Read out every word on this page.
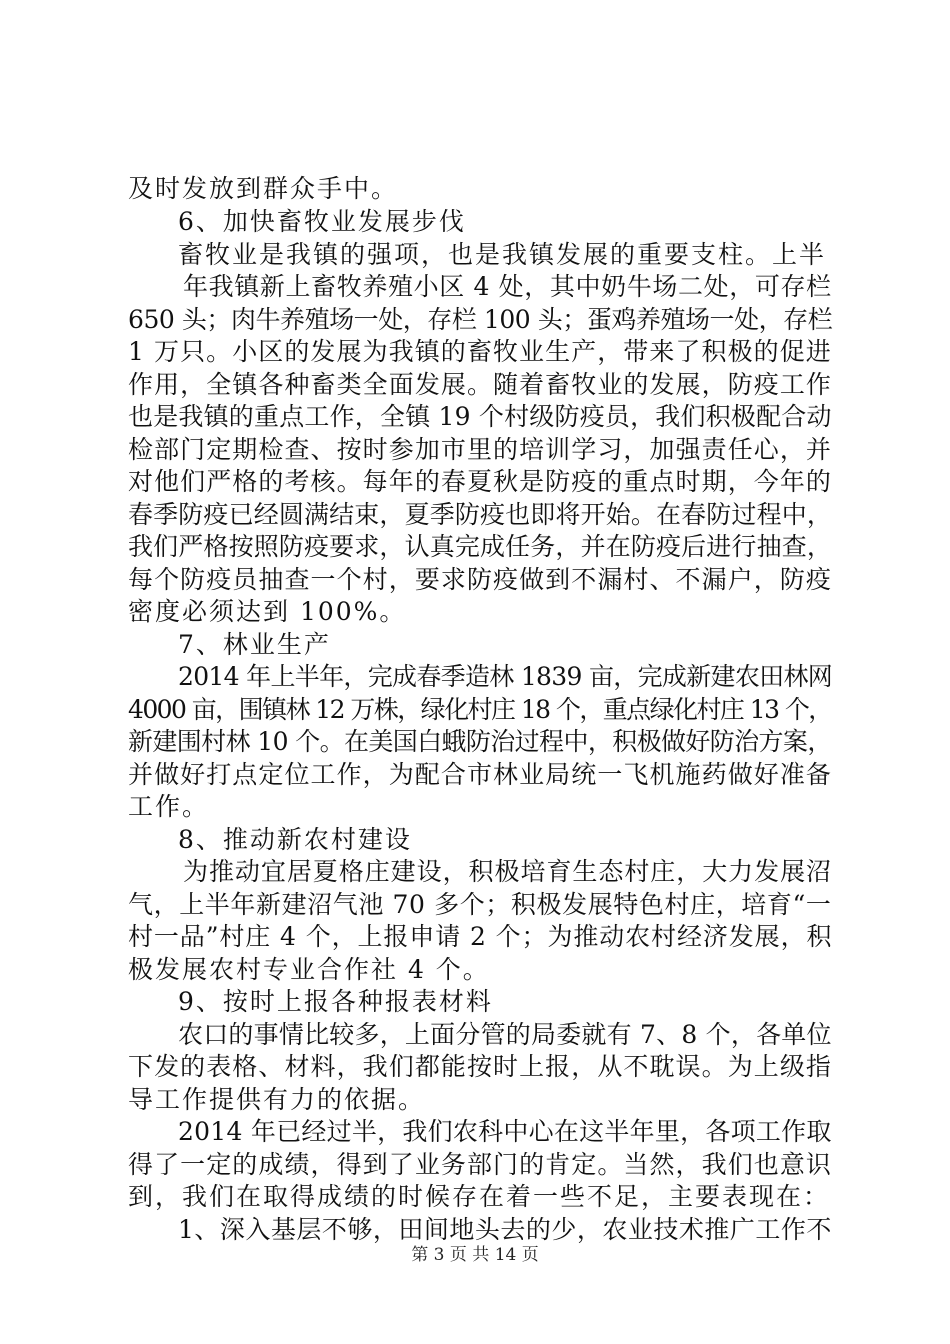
及时发放到群众手中。
6、加快畜牧业发展步伐
畜牧业是我镇的强项，也是我镇发展的重要支柱。上半
年我镇新上畜牧养殖小区 4 处，其中奶牛场二处，可存栏
650 头；肉牛养殖场一处，存栏 100 头；蛋鸡养殖场一处，存栏
1 万只。小区的发展为我镇的畜牧业生产，带来了积极的促进
作用，全镇各种畜类全面发展。随着畜牧业的发展，防疫工作
也是我镇的重点工作，全镇 19 个村级防疫员，我们积极配合动
检部门定期检查、按时参加市里的培训学习，加强责任心，并
对他们严格的考核。每年的春夏秋是防疫的重点时期，今年的
春季防疫已经圆满结束，夏季防疫也即将开始。在春防过程中，
我们严格按照防疫要求，认真完成任务，并在防疫后进行抽查，
每个防疫员抽查一个村，要求防疫做到不漏村、不漏户，防疫
密度必须达到 100%。
7、林业生产
2014 年上半年，完成春季造林 1839 亩，完成新建农田林网
4000 亩，围镇林 12 万株，绿化村庄 18 个，重点绿化村庄 13 个，
新建围村林 10 个。在美国白蛾防治过程中，积极做好防治方案，
并做好打点定位工作，为配合市林业局统一飞机施药做好准备
工作。
8、推动新农村建设
为推动宜居夏格庄建设，积极培育生态村庄，大力发展沼
气，上半年新建沼气池 70 多个；积极发展特色村庄，培育“一
村一品”村庄 4 个，上报申请 2 个；为推动农村经济发展，积
极发展农村专业合作社 4 个。
9、按时上报各种报表材料
农口的事情比较多，上面分管的局委就有 7、8 个，各单位
下发的表格、材料，我们都能按时上报，从不耽误。为上级指
导工作提供有力的依据。
2014 年已经过半，我们农科中心在这半年里，各项工作取
得了一定的成绩，得到了业务部门的肯定。当然，我们也意识
到，我们在取得成绩的时候存在着一些不足，主要表现在：
1、深入基层不够，田间地头去的少，农业技术推广工作不
第 3 页 共 14 页
